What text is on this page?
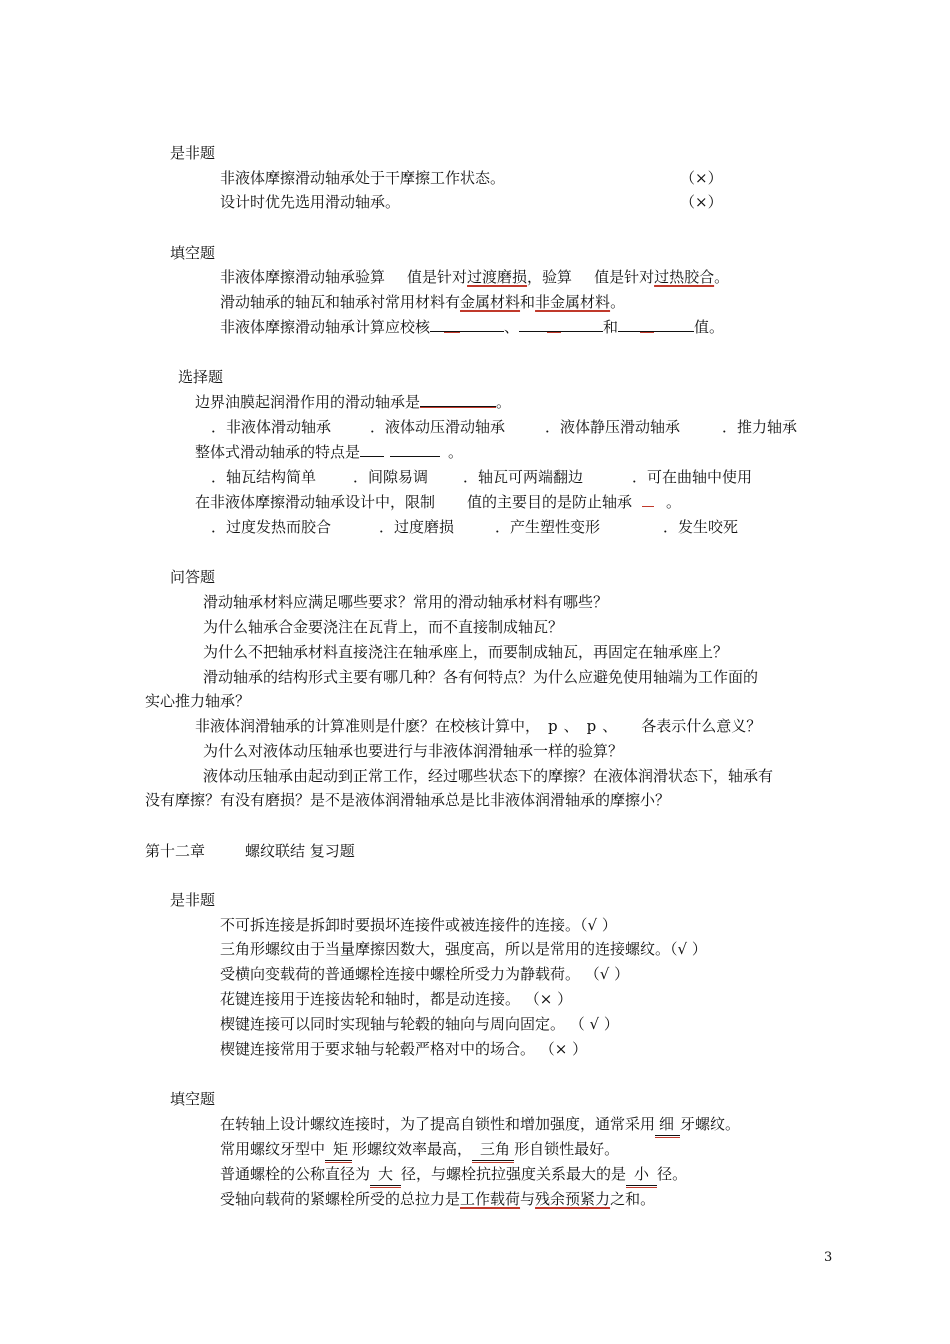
是非题
非液体摩擦滑动轴承处于干摩擦工作状态。	（×）
设计时优先选用滑动轴承。	（×）
填空题
非液体摩擦滑动轴承验算 值是针对过渡磨损，验算 值是针对过热胶合。
滑动轴承的轴瓦和轴承衬常用材料有金属材料和非金属材料。
非液体摩擦滑动轴承计算应校核	、	和	值。
选择题
边界油膜起润滑作用的滑动轴承是	。
．非液体滑动轴承	．液体动压滑动轴承	．液体静压滑动轴承	．推力轴承
整体式滑动轴承的特点是	。
．轴瓦结构简单 ．间隙易调 ．轴瓦可两端翻边	．可在曲轴中使用
在非液体摩擦滑动轴承设计中，限制 值的主要目的是防止轴承 。
．过度发热而胶合	．过度磨损	．产生塑性变形	．发生咬死
问答题
滑动轴承材料应满足哪些要求？常用的滑动轴承材料有哪些？
为什么轴承合金要浇注在瓦背上，而不直接制成轴瓦？
为什么不把轴承材料直接浇注在轴承座上，而要制成轴瓦，再固定在轴承座上？
滑动轴承的结构形式主要有哪几种？各有何特点？为什么应避免使用轴端为工作面的
实心推力轴承？
非液体润滑轴承的计算准则是什麽？在校核计算中， p 、 p 、 各表示什么意义？
为什么对液体动压轴承也要进行与非液体润滑轴承一样的验算？
液体动压轴承由起动到正常工作，经过哪些状态下的摩擦？在液体润滑状态下，轴承有
没有摩擦？有没有磨损？是不是液体润滑轴承总是比非液体润滑轴承的摩擦小？
第十二章	螺纹联结 复习题
是非题
不可拆连接是拆卸时要损坏连接件或被连接件的连接。（√ ）
三角形螺纹由于当量摩擦因数大，强度高，所以是常用的连接螺纹。（√ ）
受横向变载荷的普通螺栓连接中螺栓所受力为静载荷。 （√ ）
花键连接用于连接齿轮和轴时，都是动连接。 （× ）
楔键连接可以同时实现轴与轮毂的轴向与周向固定。 （ √ ）
楔键连接常用于要求轴与轮毂严格对中的场合。 （× ）
填空题
在转轴上设计螺纹连接时，为了提高自锁性和增加强度，通常采用 细 牙螺纹。
常用螺纹牙型中 矩 形螺纹效率最高， 三角 形自锁性最好。
普通螺栓的公称直径为 大 径，与螺栓抗拉强度关系最大的是 小 径。
受轴向载荷的紧螺栓所受的总拉力是工作载荷与残余预紧力之和。
3
